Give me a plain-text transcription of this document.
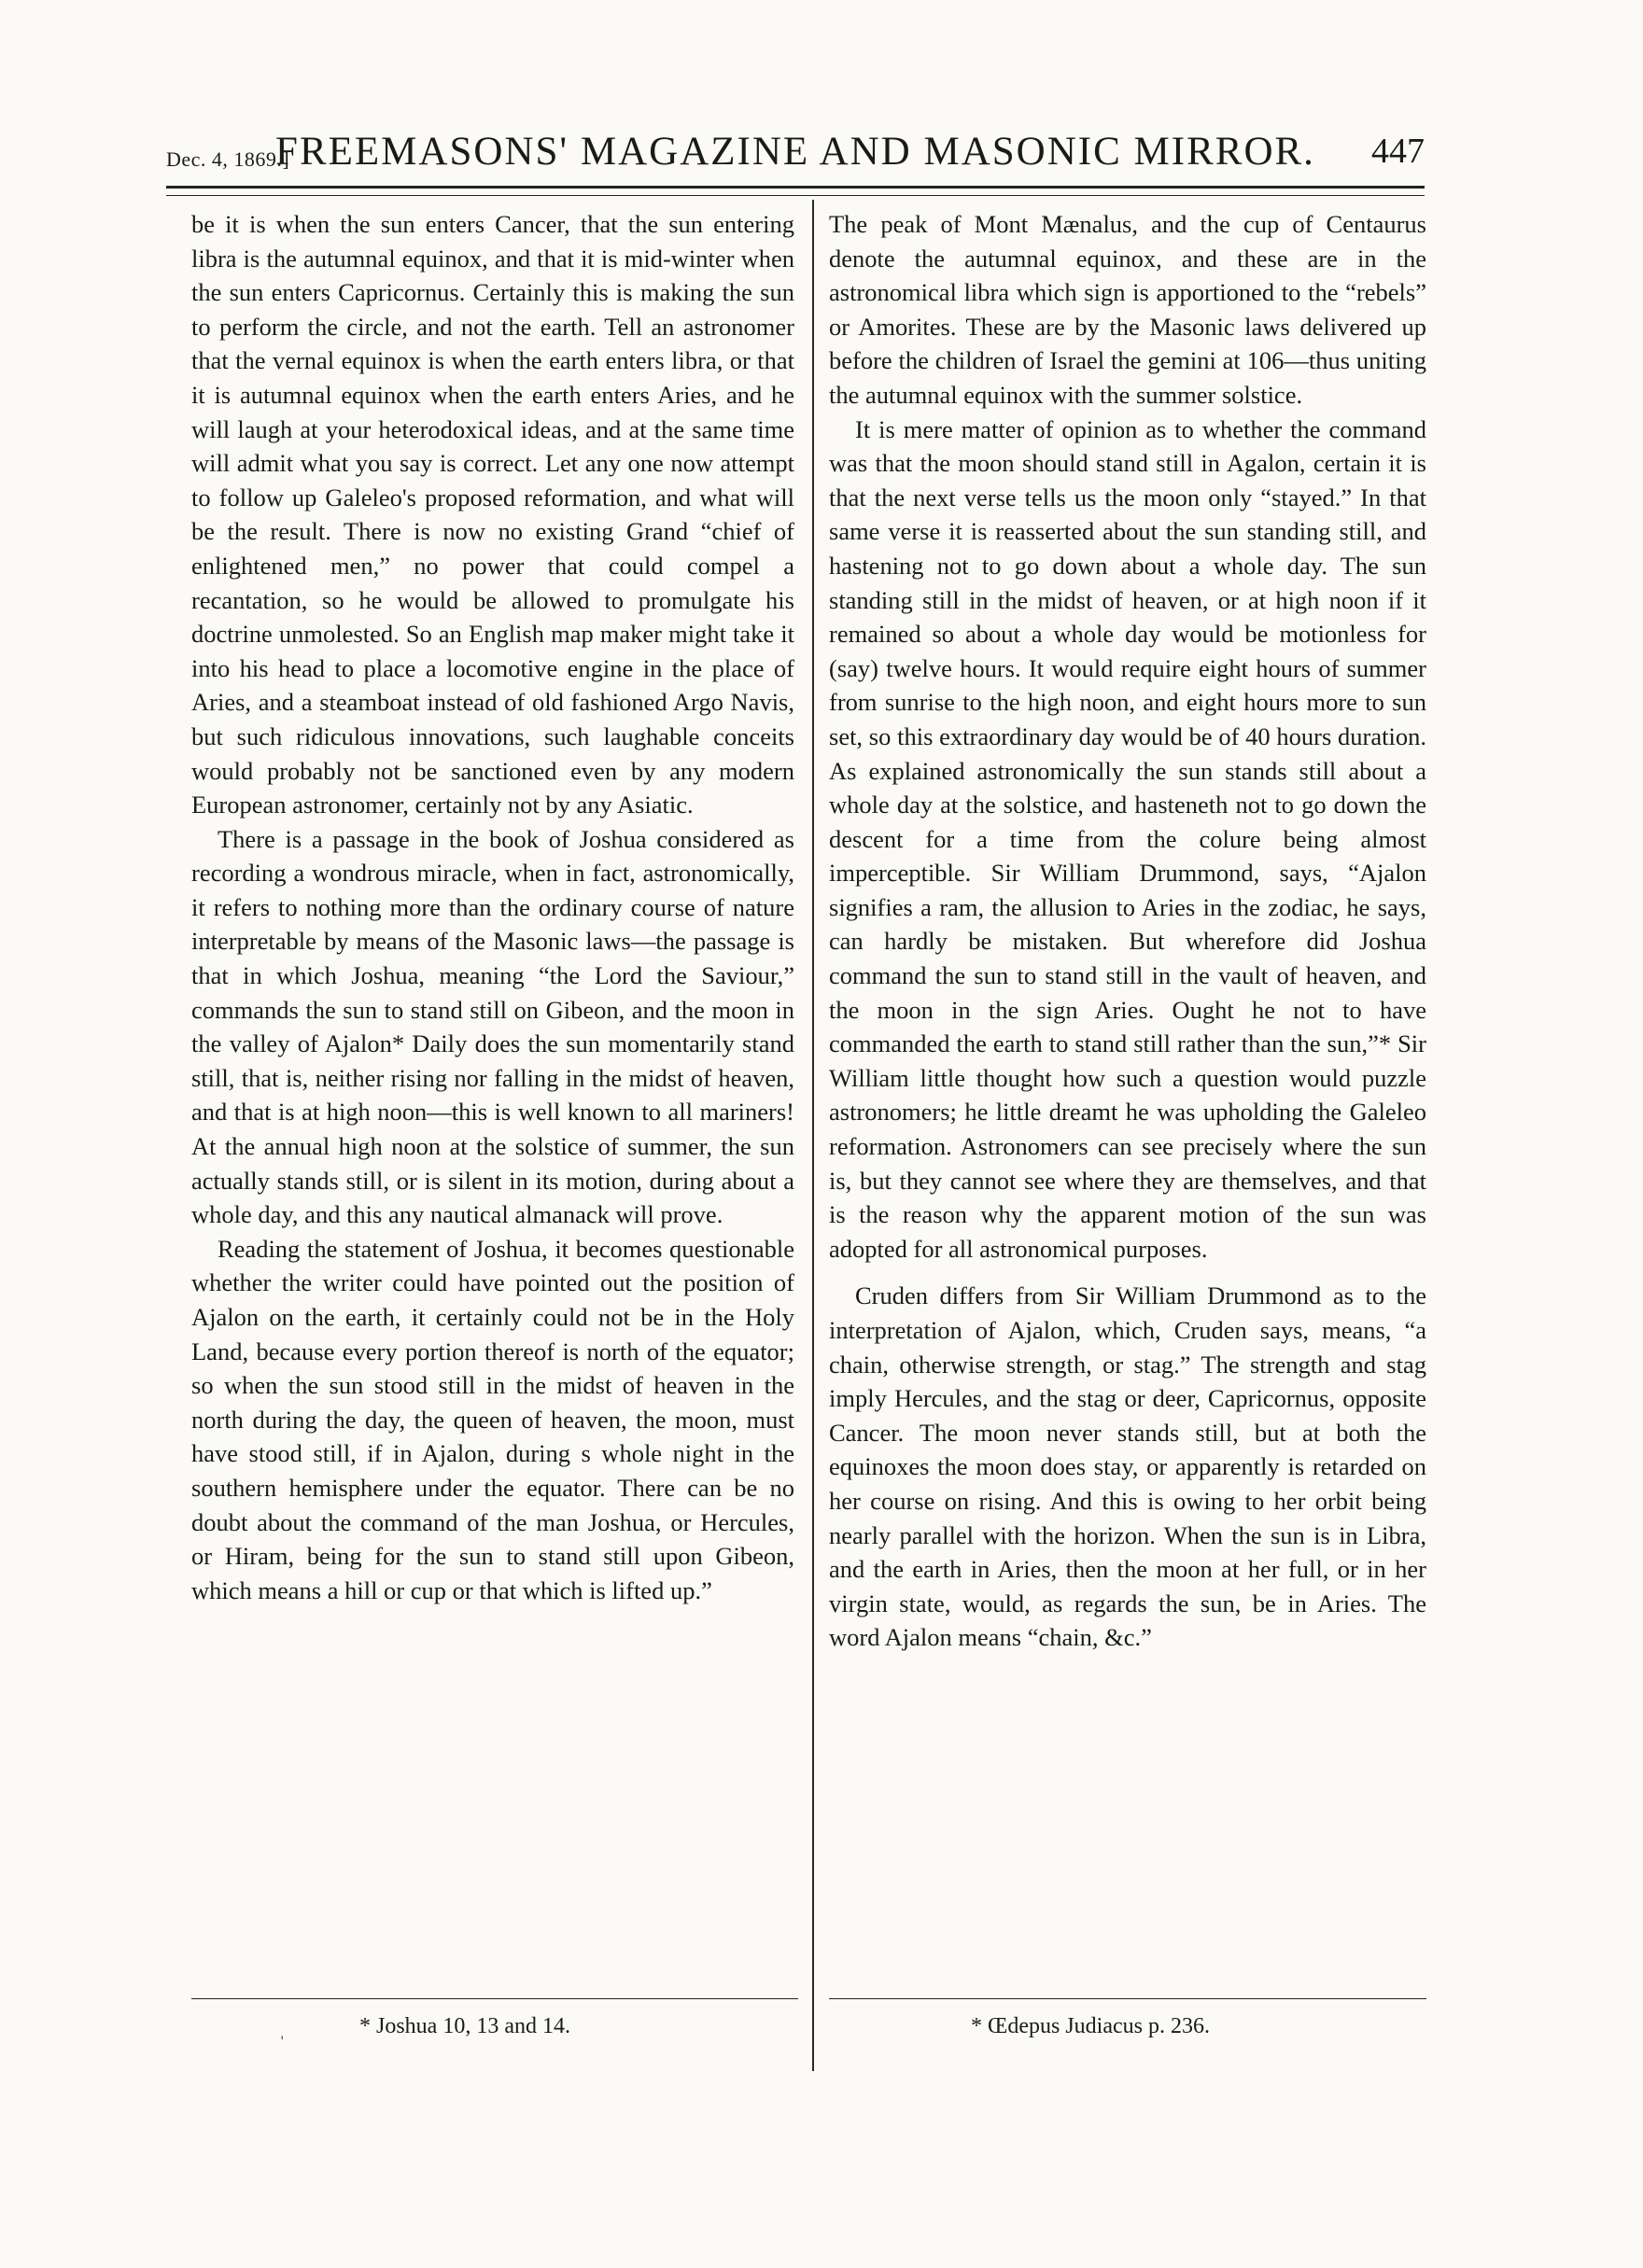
Dec. 4, 1869.]
FREEMASONS' MAGAZINE AND MASONIC MIRROR.	447

be it is when the sun enters Cancer, that the sun entering libra is the autumnal equinox, and that it is mid-winter when the sun enters Capricornus. Certainly this is making the sun to perform the circle, and not the earth. Tell an astronomer that the vernal equinox is when the earth enters libra, or that it is autumnal equinox when the earth enters Aries, and he will laugh at your heterodoxical ideas, and at the same time will admit what you say is correct. Let any one now attempt to follow up Galeleo's proposed reformation, and what will be the result. There is now no existing Grand “chief of enlightened men,” no power that could compel a recantation, so he would be allowed to promulgate his doctrine unmolested. So an English map maker might take it into his head to place a locomotive engine in the place of Aries, and a steamboat instead of old fashioned Argo Navis, but such ridiculous innovations, such laughable conceits would probably not be sanctioned even by any modern European astronomer, certainly not by any Asiatic.

There is a passage in the book of Joshua considered as recording a wondrous miracle, when in fact, astronomically, it refers to nothing more than the ordinary course of nature interpretable by means of the Masonic laws—the passage is that in which Joshua, meaning “the Lord the Saviour,” commands the sun to stand still on Gibeon, and the moon in the valley of Ajalon* Daily does the sun momentarily stand still, that is, neither rising nor falling in the midst of heaven, and that is at high noon—this is well known to all mariners! At the annual high noon at the solstice of summer, the sun actually stands still, or is silent in its motion, during about a whole day, and this any nautical almanack will prove.

Reading the statement of Joshua, it becomes questionable whether the writer could have pointed out the position of Ajalon on the earth, it certainly could not be in the Holy Land, because every portion thereof is north of the equator; so when the sun stood still in the midst of heaven in the north during the day, the queen of heaven, the moon, must have stood still, if in Ajalon, during s whole night in the southern hemisphere under the equator. There can be no doubt about the command of the man Joshua, or Hercules, or Hiram, being for the sun to stand still upon Gibeon, which means a hill or cup or that which is lifted up.”

The peak of Mont Mænalus, and the cup of Centaurus denote the autumnal equinox, and these are in the astronomical libra which sign is apportioned to the “rebels” or Amorites. These are by the Masonic laws delivered up before the children of Israel the gemini at 106—thus uniting the autumnal equinox with the summer solstice.

It is mere matter of opinion as to whether the command was that the moon should stand still in Agalon, certain it is that the next verse tells us the moon only “stayed.” In that same verse it is reasserted about the sun standing still, and hastening not to go down about a whole day. The sun standing still in the midst of heaven, or at high noon if it remained so about a whole day would be motionless for (say) twelve hours. It would require eight hours of summer from sunrise to the high noon, and eight hours more to sun set, so this extraordinary day would be of 40 hours duration. As explained astronomically the sun stands still about a whole day at the solstice, and hasteneth not to go down the descent for a time from the colure being almost imperceptible. Sir William Drummond, says, “Ajalon signifies a ram, the allusion to Aries in the zodiac, he says, can hardly be mistaken. But wherefore did Joshua command the sun to stand still in the vault of heaven, and the moon in the sign Aries. Ought he not to have commanded the earth to stand still rather than the sun,”* Sir William little thought how such a question would puzzle astronomers; he little dreamt he was upholding the Galeleo reformation. Astronomers can see precisely where the sun is, but they cannot see where they are themselves, and that is the reason why the apparent motion of the sun was adopted for all astronomical purposes.

Cruden differs from Sir William Drummond as to the interpretation of Ajalon, which, Cruden says, means, “a chain, otherwise strength, or stag.” The strength and stag imply Hercules, and the stag or deer, Capricornus, opposite Cancer. The moon never stands still, but at both the equinoxes the moon does stay, or apparently is retarded on her course on rising. And this is owing to her orbit being nearly parallel with the horizon. When the sun is in Libra, and the earth in Aries, then the moon at her full, or in her virgin state, would, as regards the sun, be in Aries. The word Ajalon means “chain, &c.”

ˌ	* Joshua 10, 13 and 14.	* Œdepus Judiacus p. 236.
